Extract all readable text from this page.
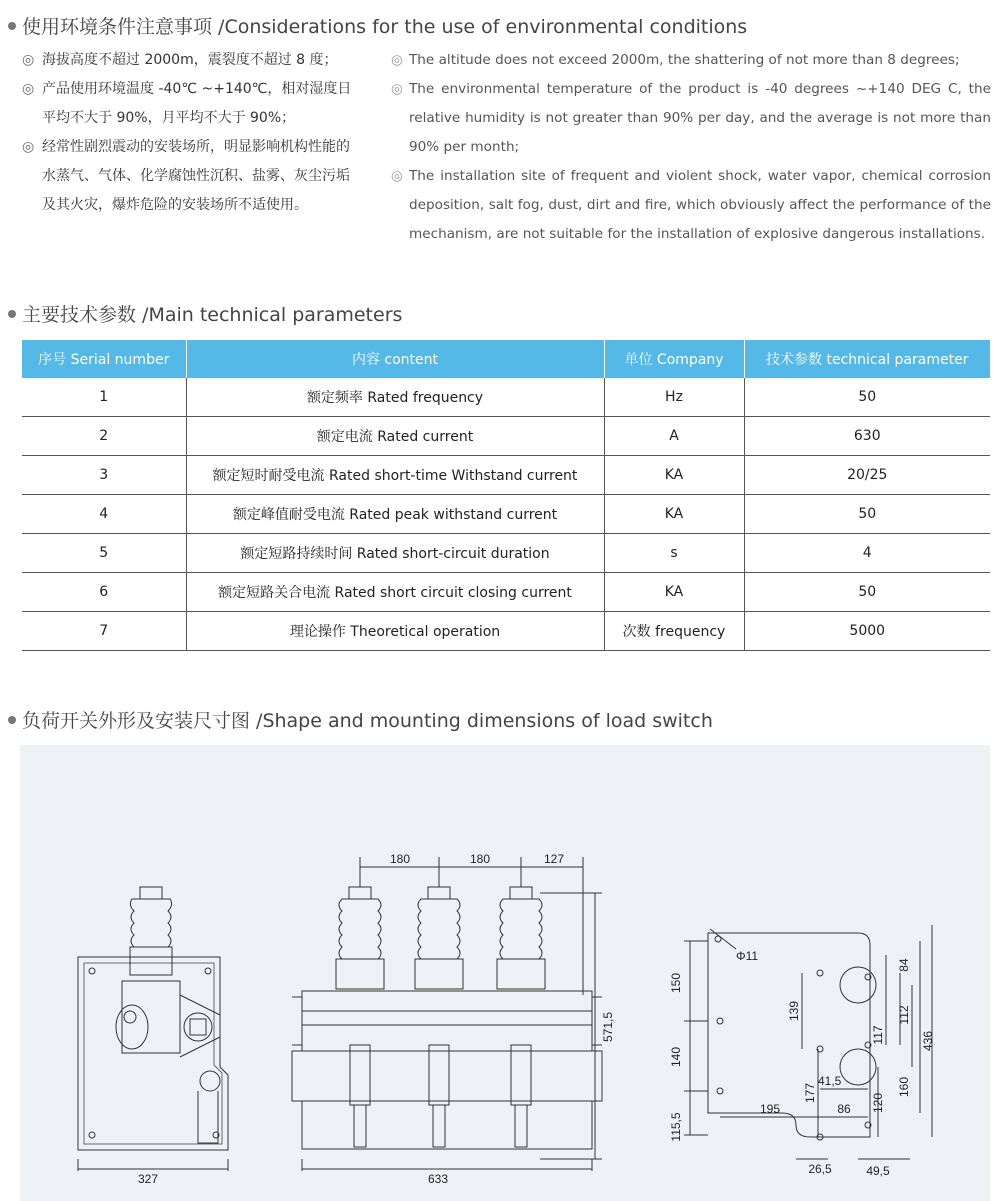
使用环境条件注意事项 /Considerations for the use of environmental conditions
◎ 海拔高度不超过 2000m，震裂度不超过 8 度；
◎ 产品使用环境温度 -40℃ ~+140℃，相对湿度日平均不大于 90%，月平均不大于 90%；
◎ 经常性剧烈震动的安装场所，明显影响机构性能的水蒸气、气体、化学腐蚀性沉积、盐雾、灰尘污垢及其火灾，爆炸危险的安装场所不适使用。
◎ The altitude does not exceed 2000m, the shattering of not more than 8 degrees;
◎ The environmental temperature of the product is -40 degrees ~+140 DEG C, the relative humidity is not greater than 90% per day, and the average is not more than 90% per month;
◎ The installation site of frequent and violent shock, water vapor, chemical corrosion deposition, salt fog, dust, dirt and fire, which obviously affect the performance of the mechanism, are not suitable for the installation of explosive dangerous installations.
主要技术参数 /Main technical parameters
序号 Serial number	内容 content	单位 Company	技术参数 technical parameter
1	额定频率 Rated frequency	Hz	50
2	额定电流 Rated current	A	630
3	额定短时耐受电流 Rated short-time Withstand current	KA	20/25
4	额定峰值耐受电流 Rated peak withstand current	KA	50
5	额定短路持续时间 Rated short-circuit duration	s	4
6	额定短路关合电流 Rated short circuit closing current	KA	50
7	理论操作 Theoretical operation	次数 frequency	5000
负荷开关外形及安装尺寸图 /Shape and mounting dimensions of load switch
327	633
180	180	127
571,5
Φ11
150
140
115,5
139
177
41,5
195	86 120
160
117
112
84
436
26,5	49,5
